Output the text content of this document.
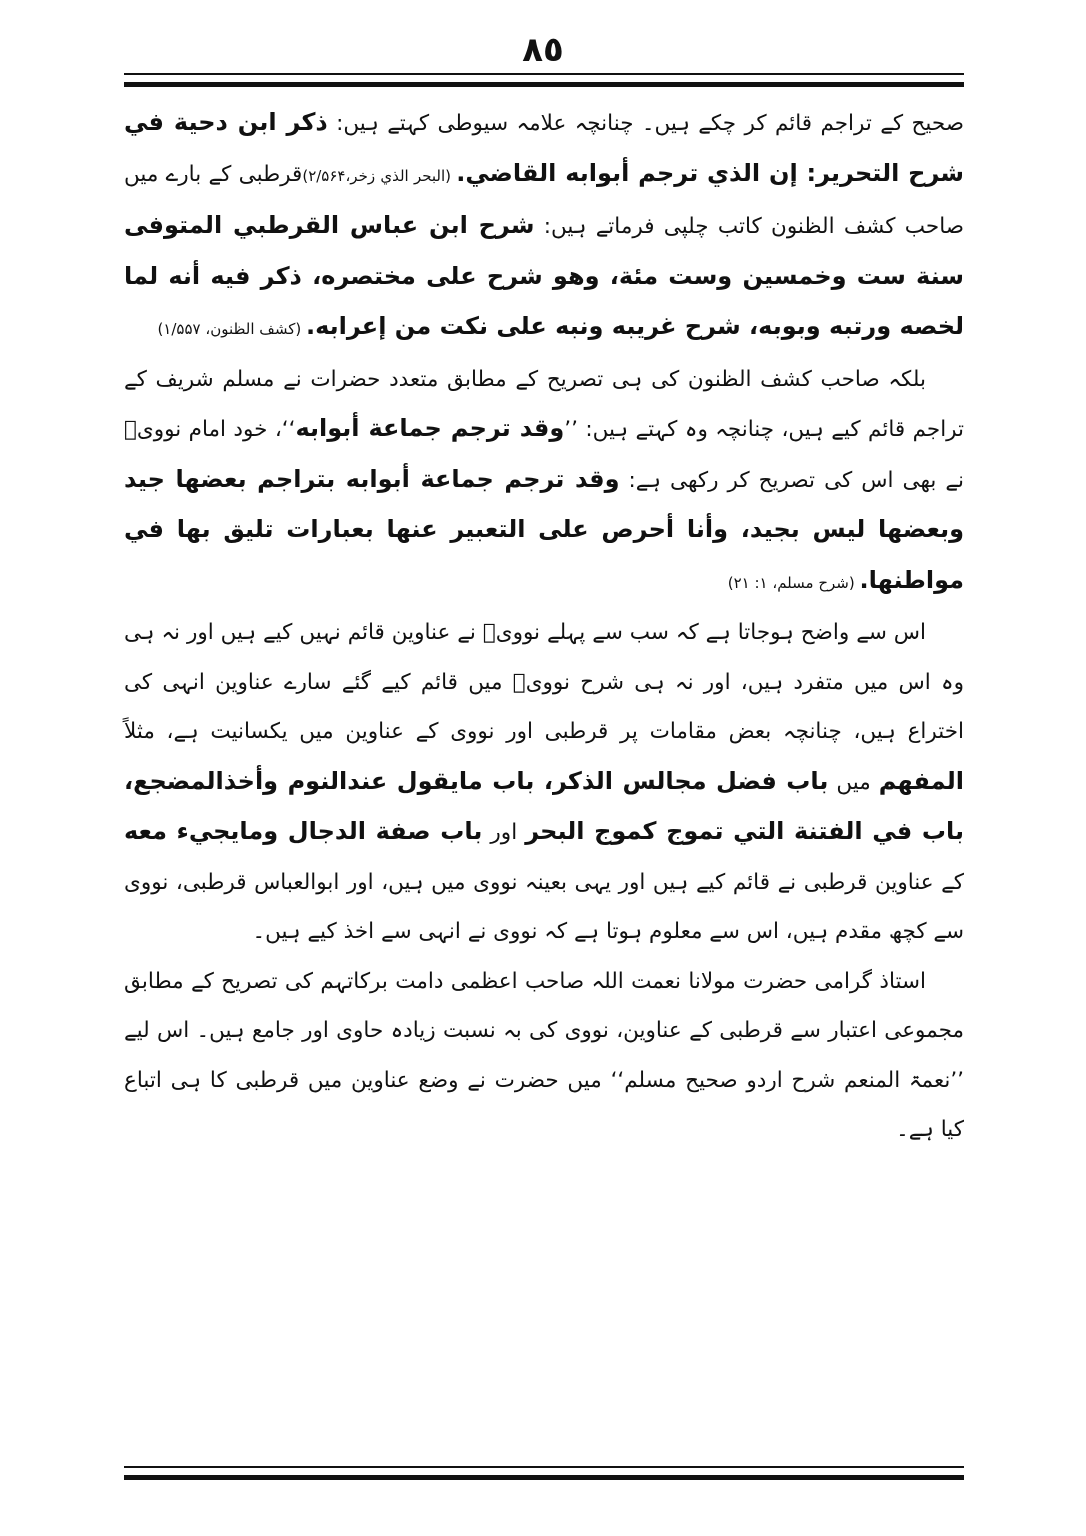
٨٥

صحیح کے تراجم قائم کر چکے ہیں۔ چنانچہ علامہ سیوطی کہتے ہیں: ذكر ابن دحية في شرح التحرير: إن الذي ترجم أبوابه القاضي. (البحر الذي زخر،۲/۵۶۴)قرطبی کے بارے میں صاحب کشف الظنون کاتب چلپی فرماتے ہیں: شرح ابن عباس القرطبي المتوفى سنة ست وخمسين وست مئة، وهو شرح على مختصره، ذكر فيه أنه لما لخصه ورتبه وبوبه، شرح غريبه ونبه على نكت من إعرابه. (كشف الظنون، ۱/۵۵۷)

بلکہ صاحب کشف الظنون کی ہی تصریح کے مطابق متعدد حضرات نے مسلم شریف کے تراجم قائم کیے ہیں، چنانچہ وہ کہتے ہیں: ’’وقد ترجم جماعة أبوابه‘‘، خود امام نوویؒ نے بھی اس کی تصریح کر رکھی ہے: وقد ترجم جماعة أبوابه بتراجم بعضها جيد وبعضها ليس بجيد، وأنا أحرص على التعبير عنها بعبارات تليق بها في مواطنها. (شرح مسلم، ۱: ۲۱)

اس سے واضح ہوجاتا ہے کہ سب سے پہلے نوویؒ نے عناوین قائم نہیں کیے ہیں اور نہ ہی وہ اس میں متفرد ہیں، اور نہ ہی شرح نوویؒ میں قائم کیے گئے سارے عناوین انہی کی اختراع ہیں، چنانچہ بعض مقامات پر قرطبی اور نووی کے عناوین میں یکسانیت ہے، مثلاً المفهم میں باب فضل مجالس الذكر، باب مايقول عندالنوم وأخذالمضجع، باب في الفتنة التي تموج كموج البحر اور باب صفة الدجال ومايجيء معه کے عناوین قرطبی نے قائم کیے ہیں اور یہی بعینہ نووی میں ہیں، اور ابوالعباس قرطبی، نووی سے کچھ مقدم ہیں، اس سے معلوم ہوتا ہے کہ نووی نے انہی سے اخذ کیے ہیں۔

استاذ گرامی حضرت مولانا نعمت اللہ صاحب اعظمی دامت برکاتہم کی تصریح کے مطابق مجموعی اعتبار سے قرطبی کے عناوین، نووی کی بہ نسبت زیادہ حاوی اور جامع ہیں۔ اس لیے ’’نعمۃ المنعم شرح اردو صحیح مسلم‘‘ میں حضرت نے وضع عناوین میں قرطبی کا ہی اتباع کیا ہے۔
